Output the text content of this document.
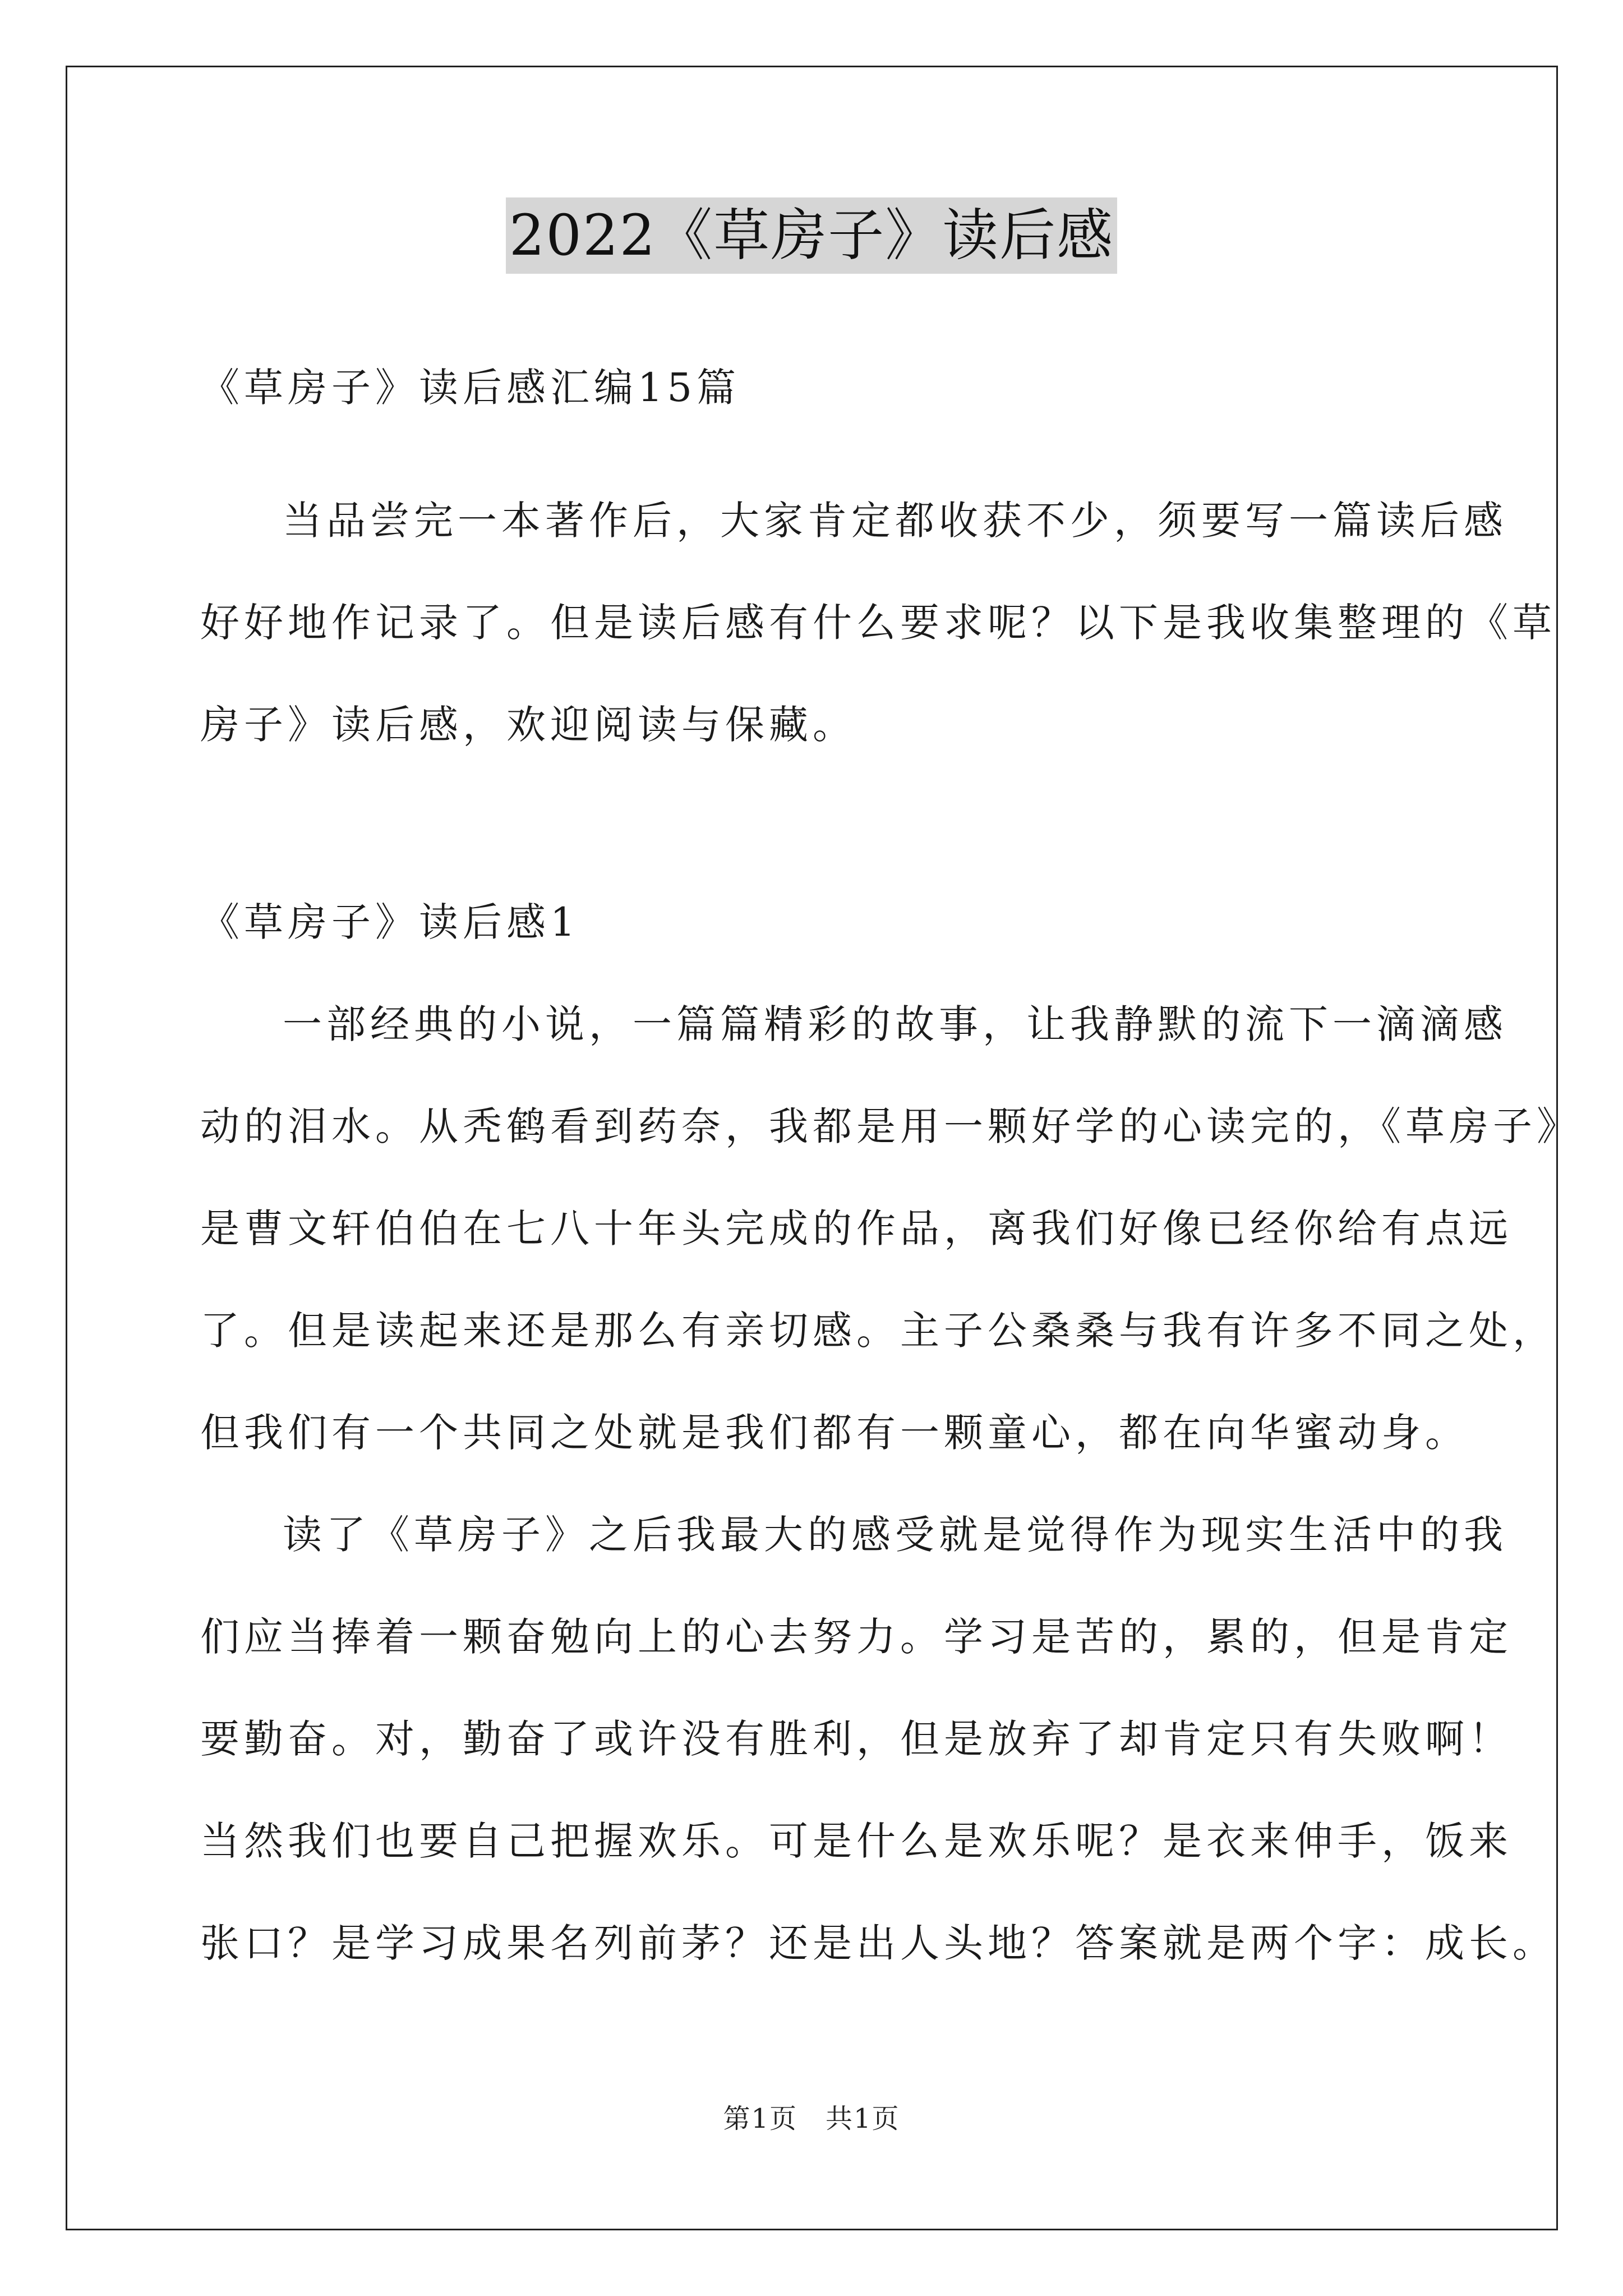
2022《草房子》读后感
《草房子》读后感汇编15篇
当品尝完一本著作后，大家肯定都收获不少，须要写一篇读后感
好好地作记录了。但是读后感有什么要求呢？以下是我收集整理的《草
房子》读后感，欢迎阅读与保藏。
《草房子》读后感1
一部经典的小说，一篇篇精彩的故事，让我静默的流下一滴滴感
动的泪水。从秃鹤看到药奈，我都是用一颗好学的心读完的，《草房子》
是曹文轩伯伯在七八十年头完成的作品，离我们好像已经你给有点远
了。但是读起来还是那么有亲切感。主子公桑桑与我有许多不同之处，
但我们有一个共同之处就是我们都有一颗童心，都在向华蜜动身。
读了《草房子》之后我最大的感受就是觉得作为现实生活中的我
们应当捧着一颗奋勉向上的心去努力。学习是苦的，累的，但是肯定
要勤奋。对，勤奋了或许没有胜利，但是放弃了却肯定只有失败啊！
当然我们也要自己把握欢乐。可是什么是欢乐呢？是衣来伸手，饭来
张口？是学习成果名列前茅？还是出人头地？答案就是两个字：成长。
第1页　共1页
